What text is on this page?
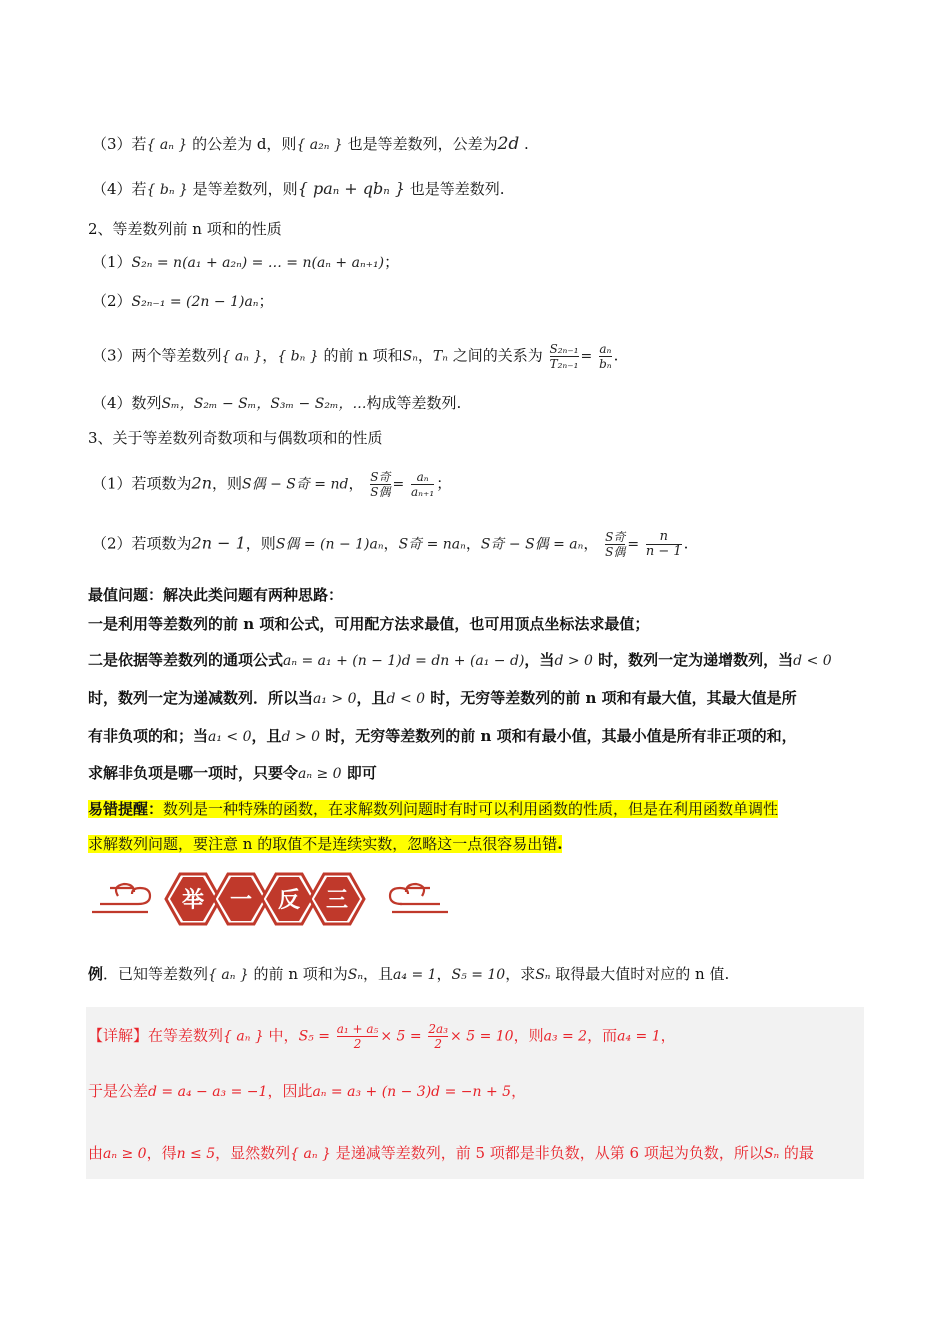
（3）若{ aₙ } 的公差为 d，则{ a₂ₙ } 也是等差数列，公差为2d .
（4）若{ bₙ } 是等差数列，则{ paₙ + qbₙ } 也是等差数列.
2、等差数列前 n 项和的性质
（1）S₂ₙ = n(a₁ + a₂ₙ) = … = n(aₙ + aₙ₊₁)；
（2）S₂ₙ₋₁ = (2n − 1)aₙ；
（3）两个等差数列{ aₙ }，{ bₙ } 的前 n 项和Sₙ，Tₙ 之间的关系为 $\frac{\text{S₂ₙ₋₁}}{\text{T₂ₙ₋₁}} = \frac{\text{aₙ}}{\text{bₙ}}$ .
（4）数列Sₘ，S₂ₘ − Sₘ，S₃ₘ − S₂ₘ，…构成等差数列.
3、关于等差数列奇数项和与偶数项和的性质
（1）若项数为2n，则S偶 − S奇 = nd， S奇
S偶 = $\frac{\text{aₙ}}{\text{aₙ₊₁}}$ ；
（2）若项数为2n − 1，则S偶 = (n − 1)aₙ，S奇 = naₙ，S奇 − S偶 = aₙ， S奇
S偶 = $\frac{n}{n - 1}$ .
最值问题：解决此类问题有两种思路：
一是利用等差数列的前 n 项和公式，可用配方法求最值，也可用顶点坐标法求最值；
二是依据等差数列的通项公式aₙ = a₁ + (n − 1)d = dn + (a₁ − d)，当d > 0 时，数列一定为递增数列，当d < 0
时，数列一定为递减数列．所以当a₁ > 0，且d < 0 时，无穷等差数列的前 n 项和有最大值，其最大值是所
有非负项的和；当a₁ < 0，且d > 0 时，无穷等差数列的前 n 项和有最小值，其最小值是所有非正项的和，
求解非负项是哪一项时，只要令aₙ ≥ 0 即可
易错提醒：数列是一种特殊的函数，在求解数列问题时有时可以利用函数的性质，但是在利用函数单调性
求解数列问题，要注意 n 的取值不是连续实数，忽略这一点很容易出错.
举 一 反 三
例．已知等差数列{ aₙ } 的前 n 项和为Sₙ，且a₄ = 1，S₅ = 10，求Sₙ 取得最大值时对应的 n 值.
【详解】在等差数列{ aₙ } 中，$S_5 = \frac{\text{a₁ + a₅}}{2} \times 5 = \frac{\text{2a₃}}{2} \times 5 = 10$，则a₃ = 2，而a₄ = 1，
于是公差d = a₄ − a₃ = −1，因此aₙ = a₃ + (n − 3)d = −n + 5，
由aₙ ≥ 0，得n ≤ 5，显然数列{ aₙ } 是递减等差数列，前 5 项都是非负数，从第 6 项起为负数，所以Sₙ 的最
